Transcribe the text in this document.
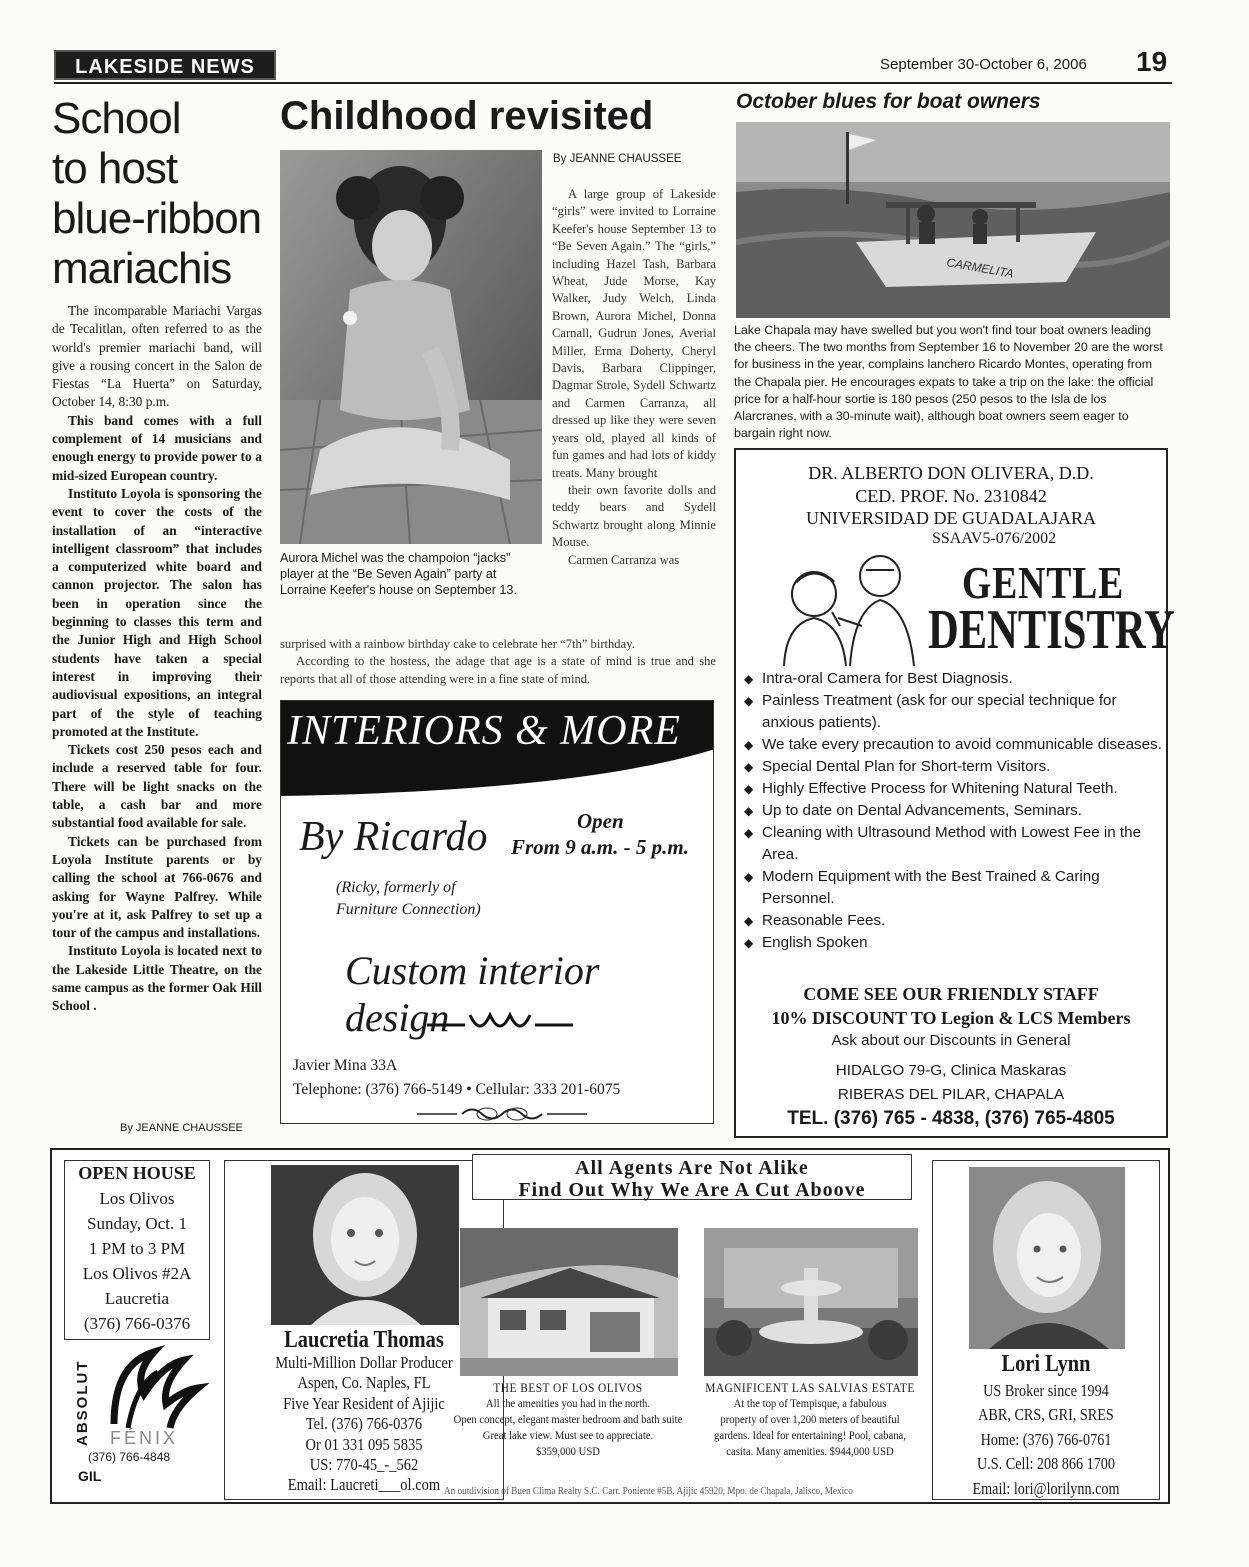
LAKESIDE NEWS	September 30-October 6, 2006 19
School
to host
blue-ribbon
mariachis

The incomparable Mariachi Vargas de Tecalitlan, often referred to as the world's premier mariachi band, will give a rousing concert in the Salon de Fiestas “La Huerta” on Saturday, October 14, 8:30 p.m.

This band comes with a full complement of 14 musicians and enough energy to provide power to a mid-sized European country.

Instituto Loyola is sponsoring the event to cover the costs of the installation of an “interactive intelligent classroom” that includes a computerized white board and cannon projector. The salon has been in operation since the beginning to classes this term and the Junior High and High School students have taken a special interest in improving their audiovisual expositions, an integral part of the style of teaching promoted at the Institute.

Tickets cost 250 pesos each and include a reserved table for four. There will be light snacks on the table, a cash bar and more substantial food available for sale.

Tickets can be purchased from Loyola Institute parents or by calling the school at 766-0676 and asking for Wayne Palfrey. While you're at it, ask Palfrey to set up a tour of the campus and installations.

Instituto Loyola is located next to the Lakeside Little Theatre, on the same campus as the former Oak Hill School .

By JEANNE CHAUSSEE
Childhood revisited
Aurora Michel was the champoion “jacks” player at the “Be Seven Again” party at Lorraine Keefer's house on September 13.
By JEANNE CHAUSSEE

A large group of Lakeside “girls” were invited to Lorraine Keefer's house September 13 to “Be Seven Again.” The “girls,” including Hazel Tash, Barbara Wheat, Jude Morse, Kay Walker, Judy Welch, Linda Brown, Aurora Michel, Donna Carnall, Gudrun Jones, Averial Miller, Erma Doherty, Cheryl Davis, Barbara Clippinger, Dagmar Strole, Sydell Schwartz and Carmen Carranza, all dressed up like they were seven years old, played all kinds of fun games and had lots of kiddy treats. Many brought

their own favorite dolls and teddy bears and Sydell Schwartz brought along Minnie Mouse.

Carmen Carranza was

surprised with a rainbow birthday cake to celebrate her “7th” birthday.

According to the hostess, the adage that age is a state of mind is true and she reports that all of those attending were in a fine state of mind.

INTERIORS & MORE
By Ricardo
(Ricky, formerly of
Furniture Connection)
Open
From 9 a.m. - 5 p.m.
Custom interior design
Javier Mina 33A
Telephone: (376) 766-5149 • Cellular: 333 201-6075
October blues for boat owners
CARMELITA
Lake Chapala may have swelled but you won't find tour boat owners leading the cheers. The two months from September 16 to November 20 are the worst for business in the year, complains lanchero Ricardo Montes, operating from the Chapala pier. He encourages expats to take a trip on the lake: the official price for a half-hour sortie is 180 pesos (250 pesos to the Isla de los Alarcranes, with a 30-minute wait), although boat owners seem eager to bargain right now.
DR. ALBERTO DON OLIVERA, D.D.
CED. PROF. No. 2310842
UNIVERSIDAD DE GUADALAJARA
SSAAV5-076/2002
GENTLE
DENTISTRY
◆ Intra-oral Camera for Best Diagnosis.
◆ Painless Treatment (ask for our special technique for anxious patients).
◆ We take every precaution to avoid communicable diseases.
◆ Special Dental Plan for Short-term Visitors.
◆ Highly Effective Process for Whitening Natural Teeth.
◆ Up to date on Dental Advancements, Seminars.
◆ Cleaning with Ultrasound Method with Lowest Fee in the Area.
◆ Modern Equipment with the Best Trained & Caring Personnel.
◆ Reasonable Fees.
◆ English Spoken
COME SEE OUR FRIENDLY STAFF
10% DISCOUNT TO Legion & LCS Members
Ask about our Discounts in General
HIDALGO 79-G, Clinica Maskaras
RIBERAS DEL PILAR, CHAPALA
TEL. (376) 765 - 4838, (376) 765-4805
OPEN HOUSE
Los Olivos
Sunday, Oct. 1
1 PM to 3 PM
Los Olivos #2A
Laucretia
(376) 766-0376
ABSOLUT FÉNIX
(376) 766-4848
GIL
Laucretia Thomas
Multi-Million Dollar Producer
Aspen, Co. Naples, FL
Five Year Resident of Ajijic
Tel. (376) 766-0376
Or 01 331 095 5835
US: 770-45_-_562
Email: Laucreti___ol.com
All Agents Are Not Alike
Find Out Why We Are A Cut Aboove
THE BEST OF LOS OLIVOS
All the amenities you had in the north.
Open concept, elegant master bedroom and bath suite
Great lake view. Must see to appreciate.
$359,000 USD
MAGNIFICENT LAS SALVIAS ESTATE
At the top of Tempisque, a fabulous
property of over 1,200 meters of beautiful
gardens. Ideal for entertaining! Pool, cabana,
casita. Many amenities. $944,000 USD
An outdivision of Buen Clima Realty S.C. Carr. Poniente #5B, Ajijic 45920, Mpo. de Chapala, Jalisco, Mexico
Lori Lynn
US Broker since 1994
ABR, CRS, GRI, SRES
Home: (376) 766-0761
U.S. Cell: 208 866 1700
Email: lori@lorilynn.com
